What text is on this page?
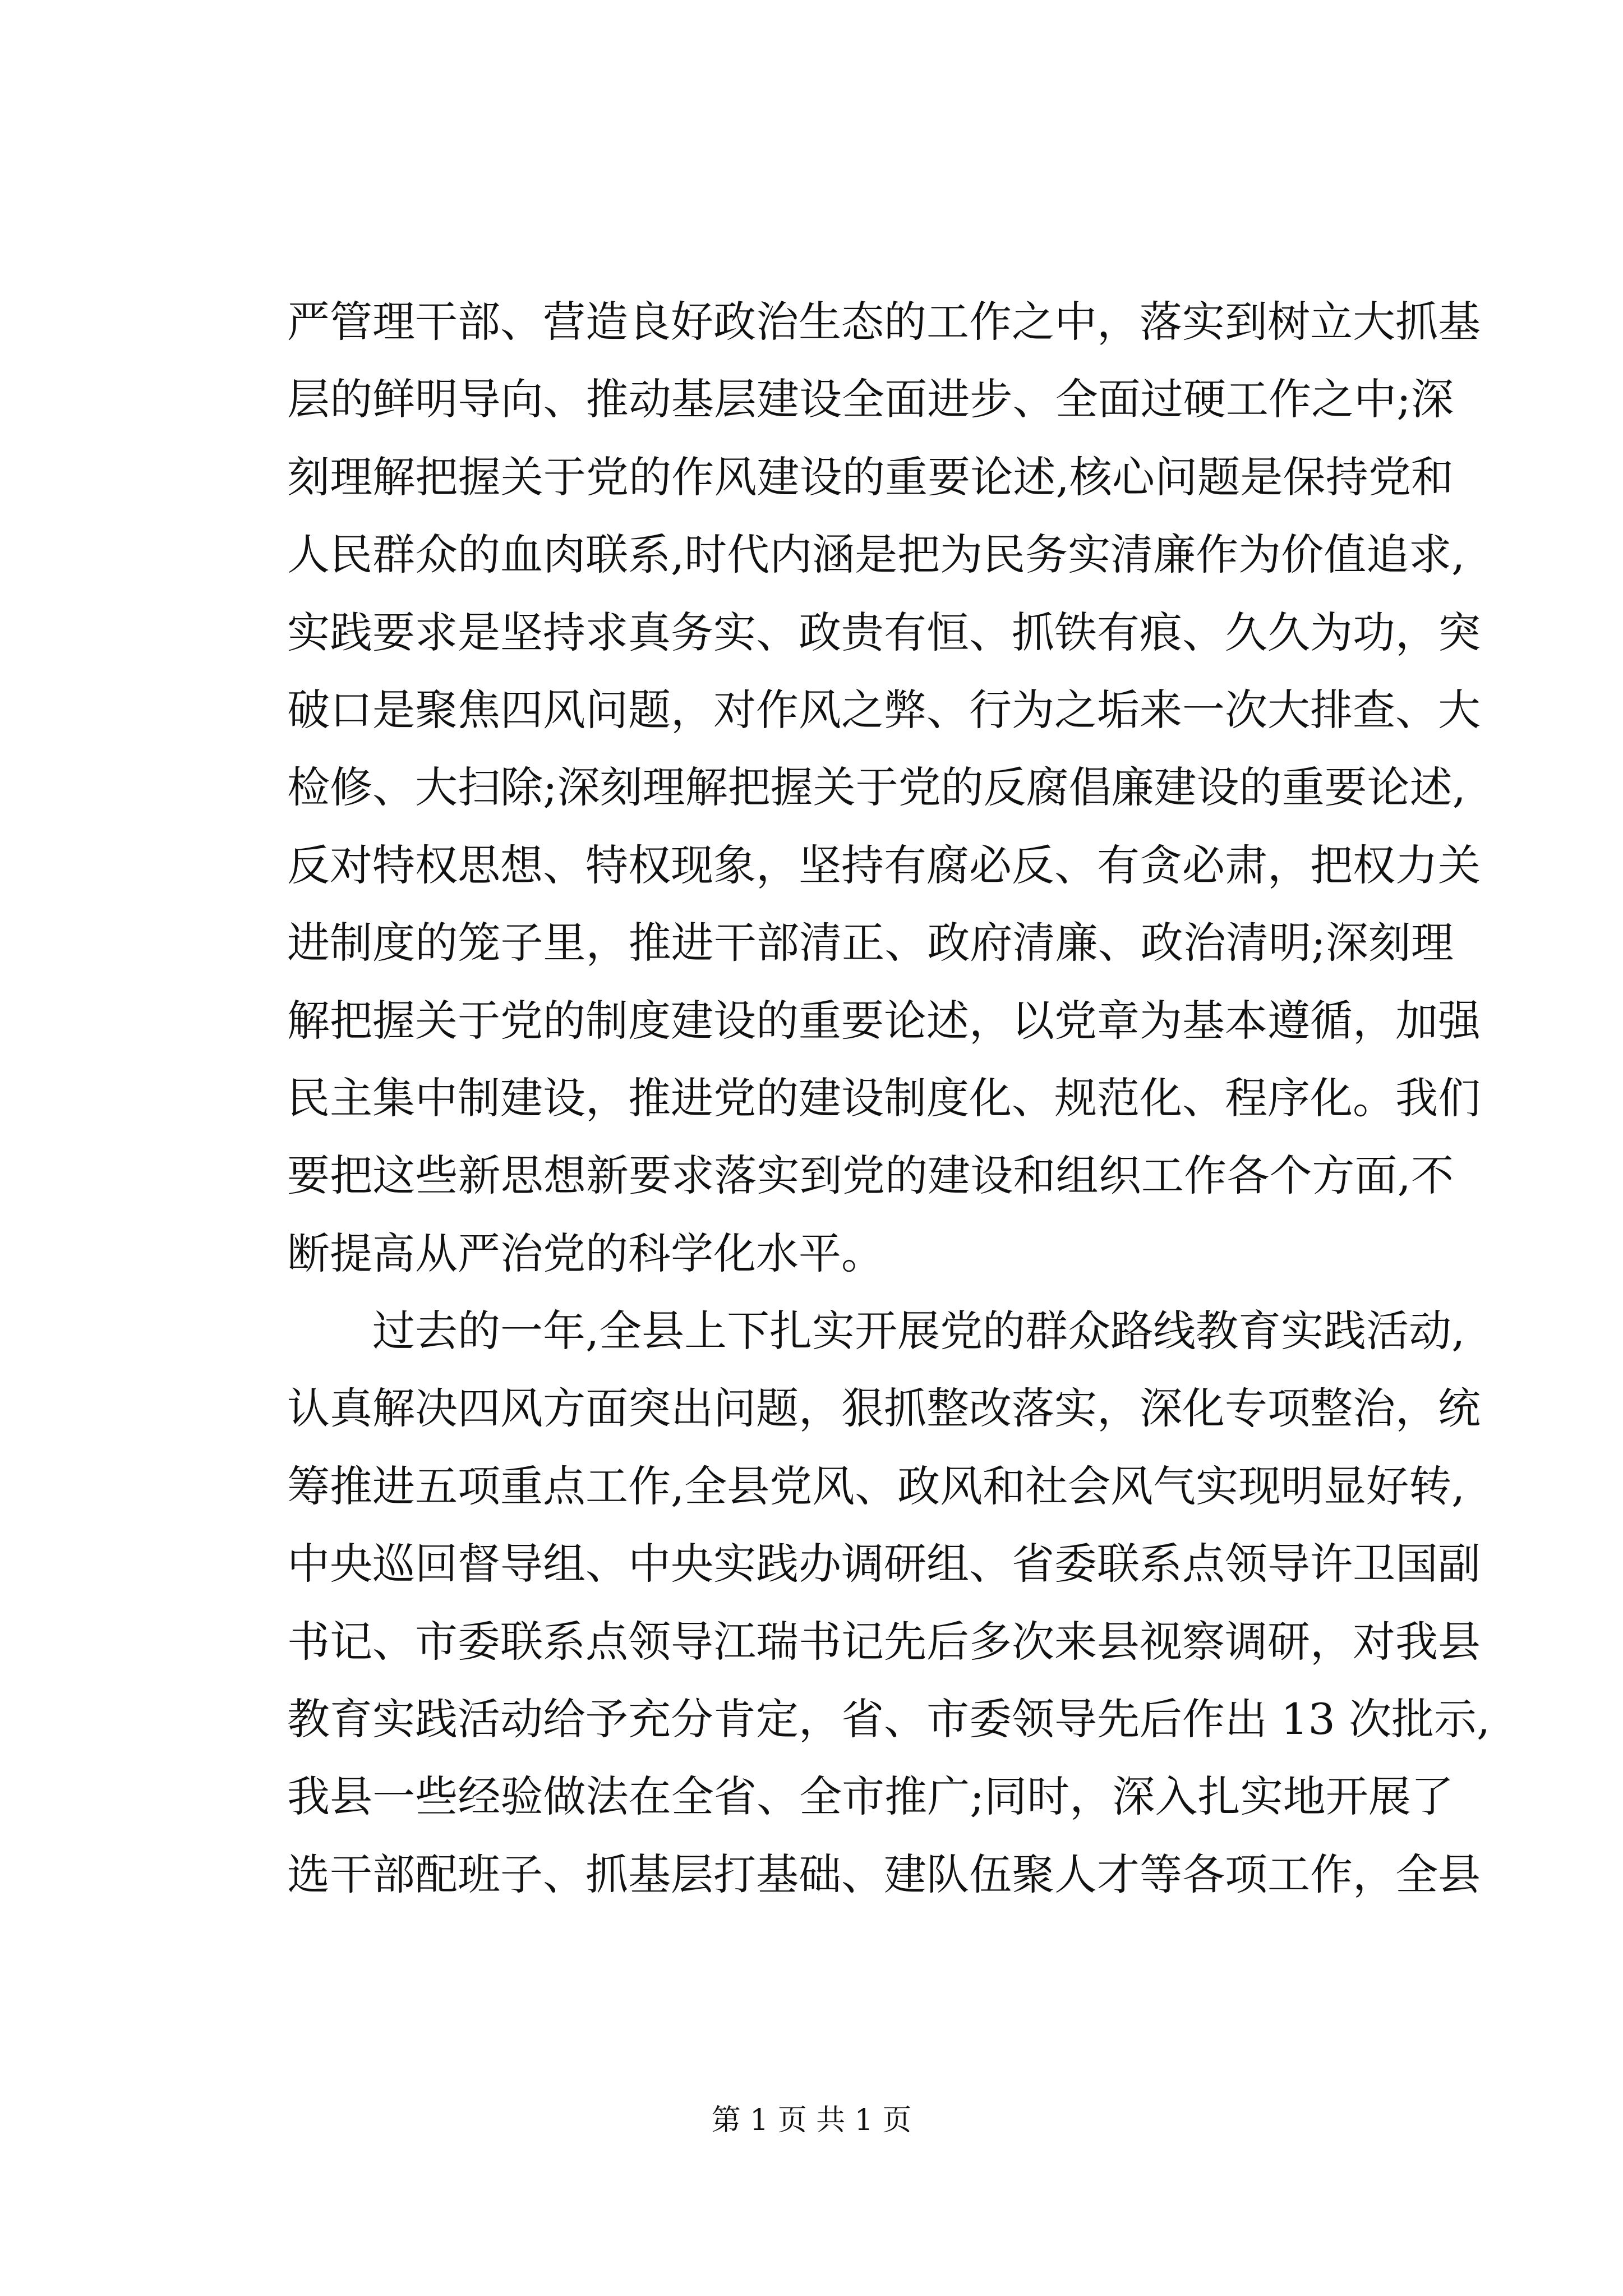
严管理干部、营造良好政治生态的工作之中，落实到树立大抓基
层的鲜明导向、推动基层建设全面进步、全面过硬工作之中;深
刻理解把握关于党的作风建设的重要论述,核心问题是保持党和
人民群众的血肉联系,时代内涵是把为民务实清廉作为价值追求,
实践要求是坚持求真务实、政贵有恒、抓铁有痕、久久为功，突
破口是聚焦四风问题，对作风之弊、行为之垢来一次大排查、大
检修、大扫除;深刻理解把握关于党的反腐倡廉建设的重要论述,
反对特权思想、特权现象，坚持有腐必反、有贪必肃，把权力关
进制度的笼子里，推进干部清正、政府清廉、政治清明;深刻理
解把握关于党的制度建设的重要论述，以党章为基本遵循，加强
民主集中制建设，推进党的建设制度化、规范化、程序化。我们
要把这些新思想新要求落实到党的建设和组织工作各个方面,不
断提高从严治党的科学化水平。
过去的一年,全县上下扎实开展党的群众路线教育实践活动,
认真解决四风方面突出问题，狠抓整改落实，深化专项整治，统
筹推进五项重点工作,全县党风、政风和社会风气实现明显好转,
中央巡回督导组、中央实践办调研组、省委联系点领导许卫国副
书记、市委联系点领导江瑞书记先后多次来县视察调研，对我县
教育实践活动给予充分肯定，省、市委领导先后作出 13 次批示,
我县一些经验做法在全省、全市推广;同时，深入扎实地开展了
选干部配班子、抓基层打基础、建队伍聚人才等各项工作，全县
第 1 页 共 1 页
